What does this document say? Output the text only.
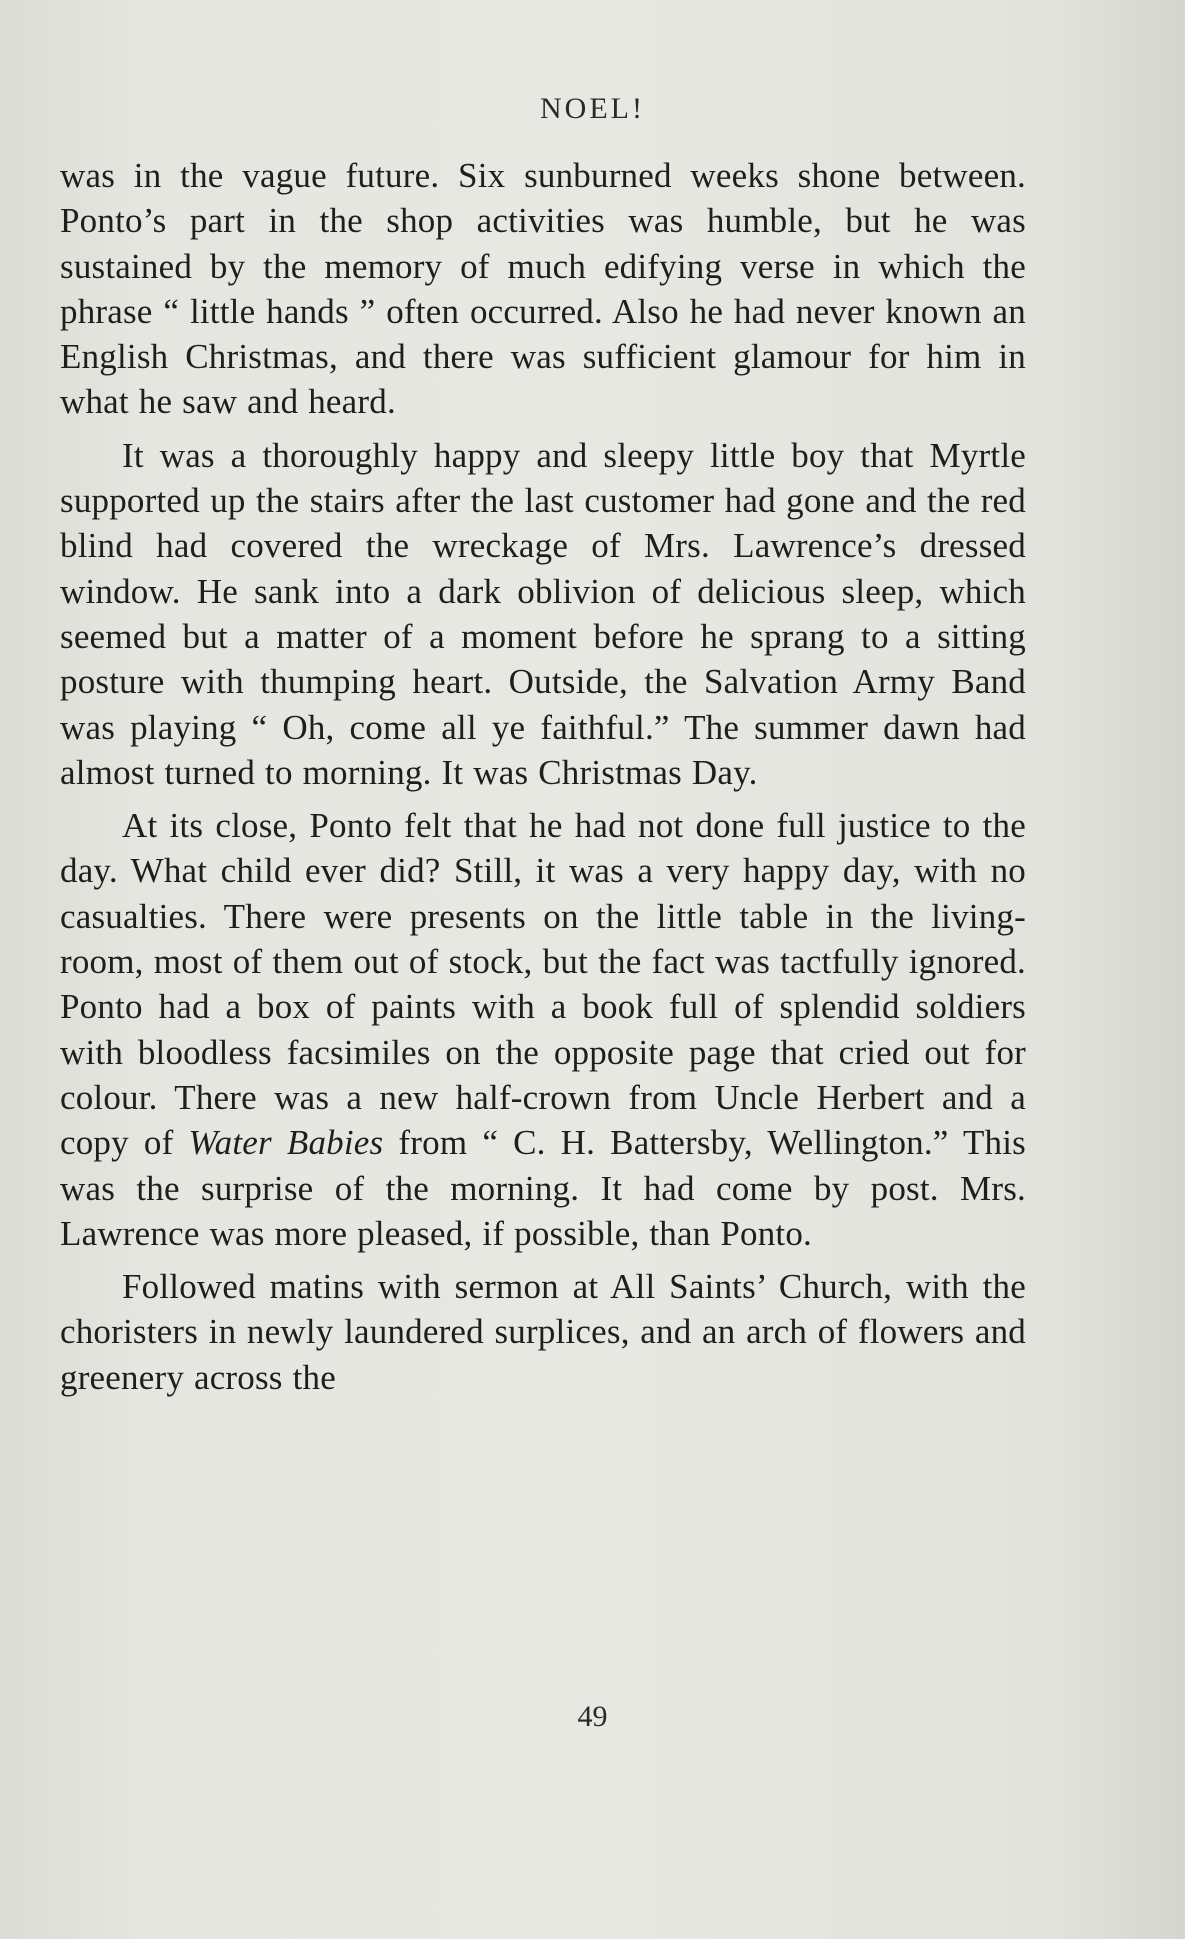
NOEL!

was in the vague future. Six sunburned weeks shone between. Ponto’s part in the shop activities was humble, but he was sustained by the memory of much edifying verse in which the phrase “ little hands ” often occurred. Also he had never known an English Christmas, and there was sufficient glamour for him in what he saw and heard.

It was a thoroughly happy and sleepy little boy that Myrtle supported up the stairs after the last customer had gone and the red blind had covered the wreckage of Mrs. Lawrence’s dressed window. He sank into a dark oblivion of delicious sleep, which seemed but a matter of a moment before he sprang to a sitting posture with thumping heart. Outside, the Salvation Army Band was playing “ Oh, come all ye faithful.” The summer dawn had almost turned to morning. It was Christmas Day.

At its close, Ponto felt that he had not done full justice to the day. What child ever did? Still, it was a very happy day, with no casualties. There were presents on the little table in the living-room, most of them out of stock, but the fact was tactfully ignored. Ponto had a box of paints with a book full of splendid soldiers with bloodless facsimiles on the opposite page that cried out for colour. There was a new half-crown from Uncle Herbert and a copy of Water Babies from “ C. H. Battersby, Wellington.” This was the surprise of the morning. It had come by post. Mrs. Lawrence was more pleased, if possible, than Ponto.

Followed matins with sermon at All Saints’ Church, with the choristers in newly laundered surplices, and an arch of flowers and greenery across the

49
